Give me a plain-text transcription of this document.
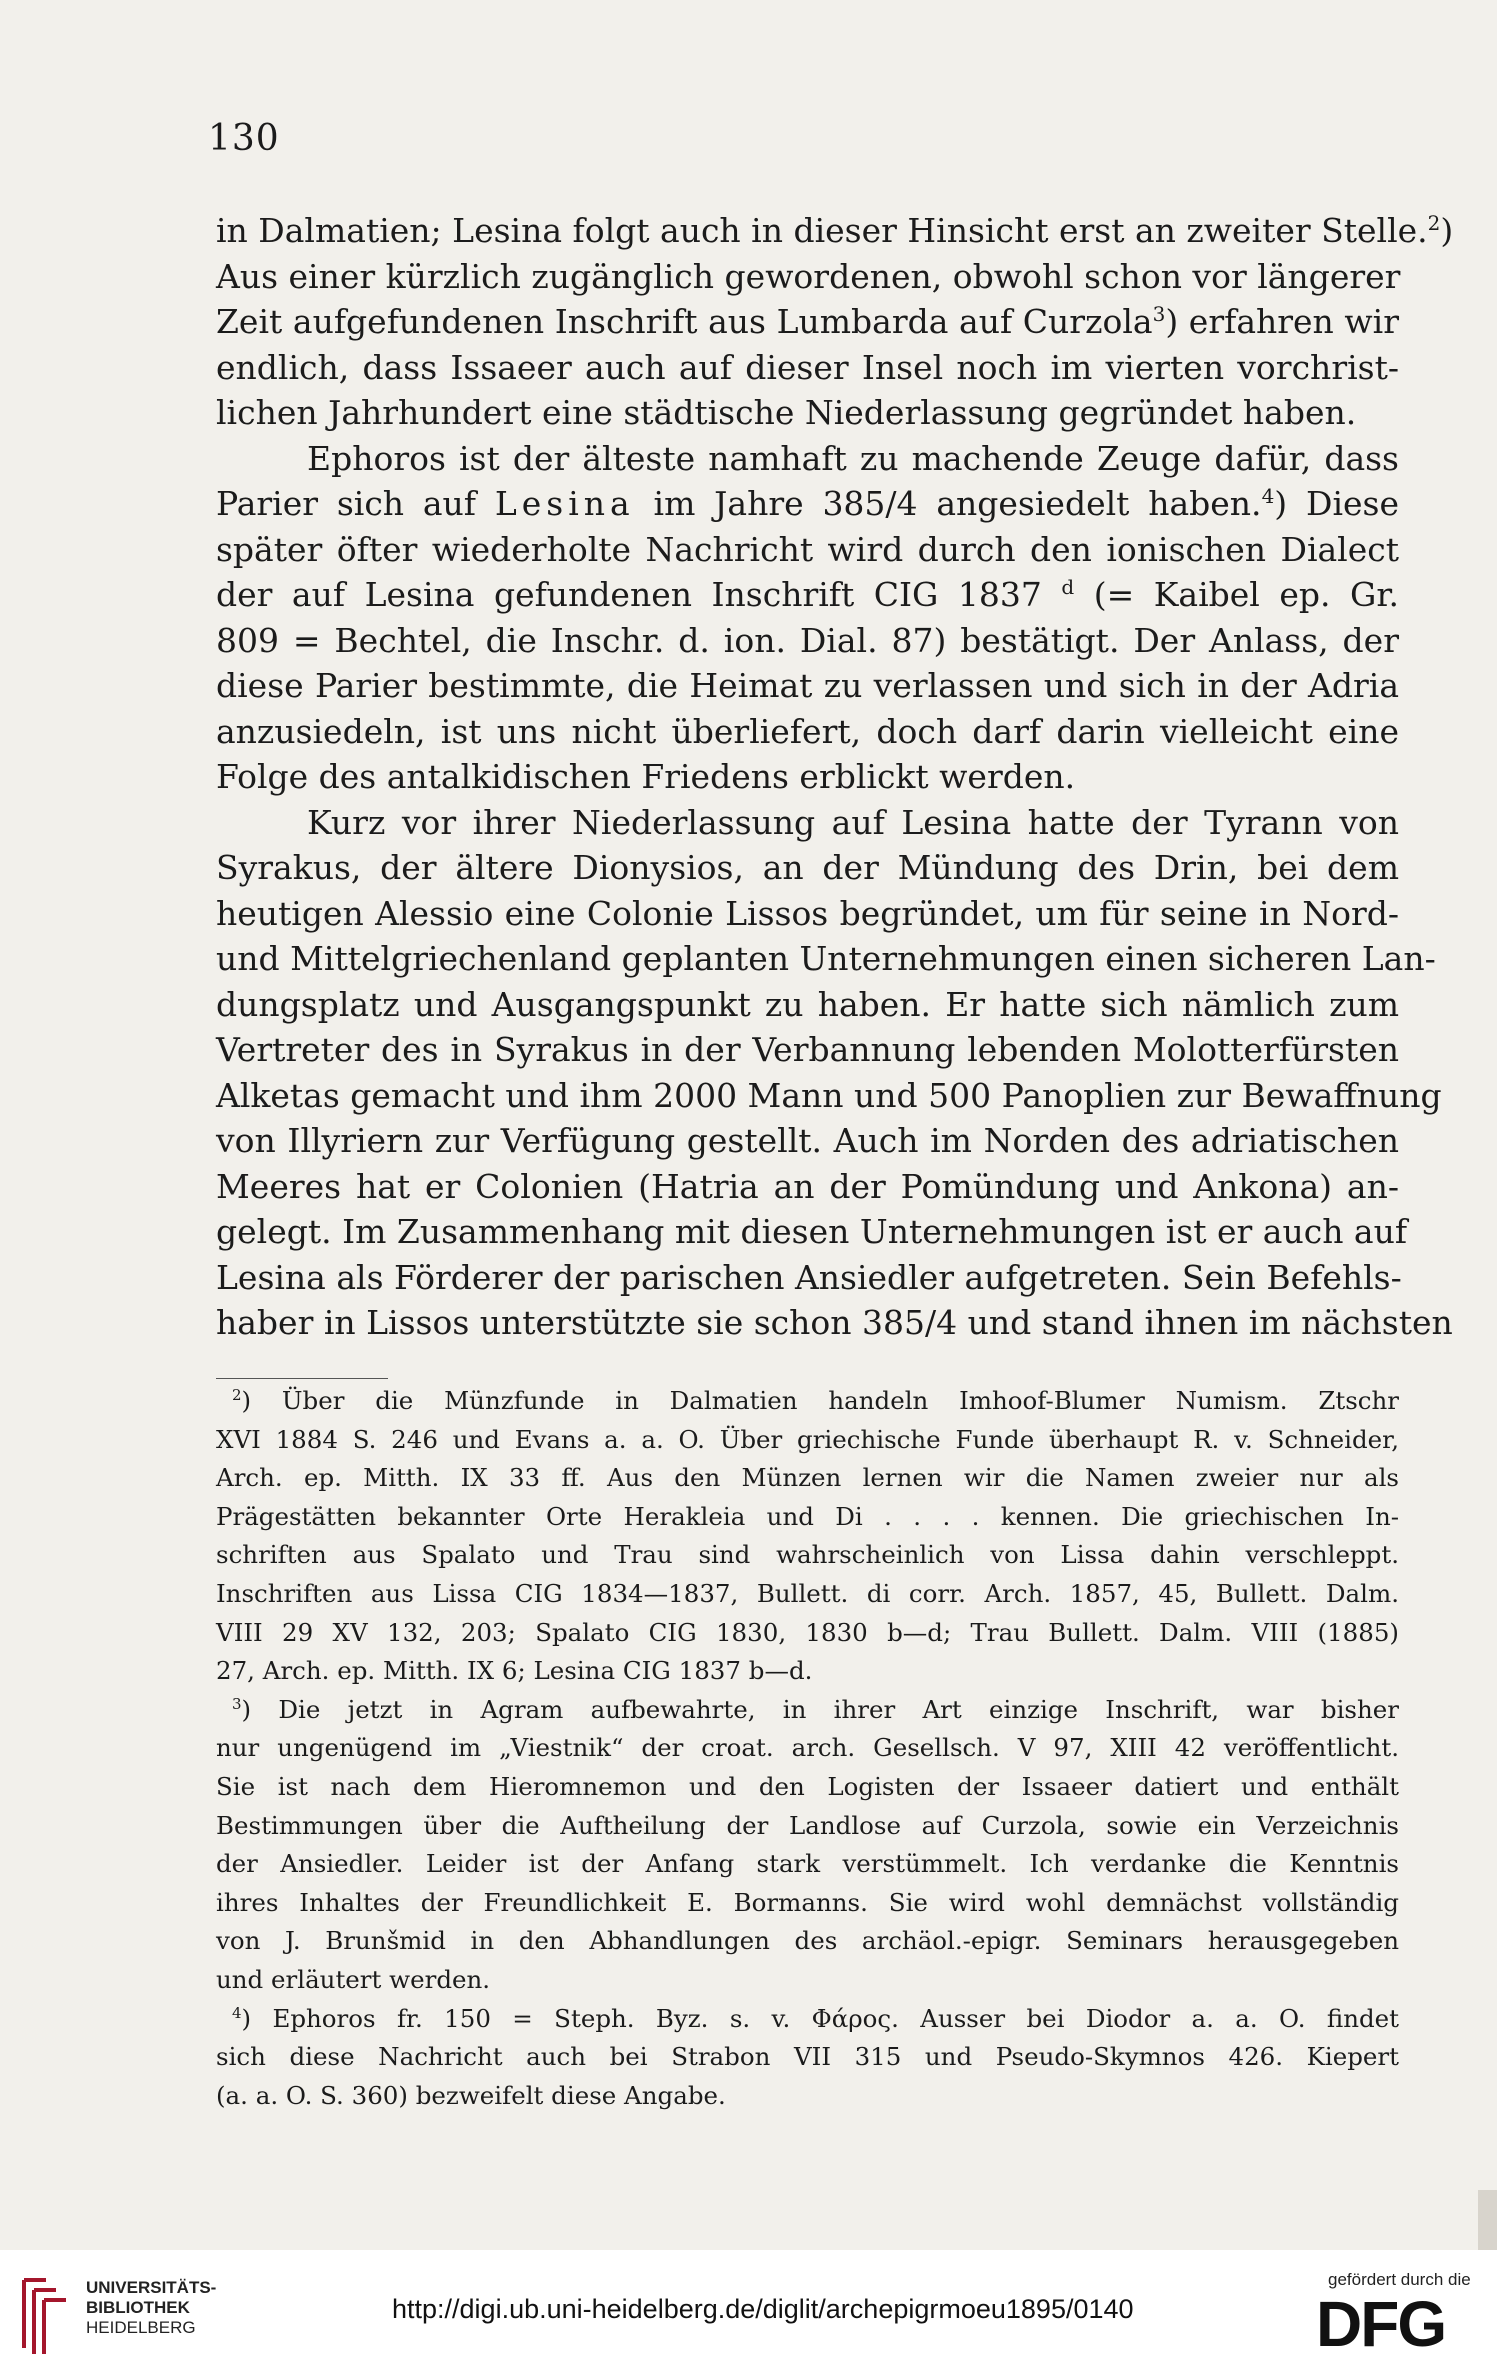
130
in Dalmatien; Lesina folgt auch in dieser Hinsicht erst an zweiter Stelle.$^2$)
Aus einer kürzlich zugänglich gewordenen, obwohl schon vor längerer
Zeit aufgefundenen Inschrift aus Lumbarda auf Curzola$^3$) erfahren wir
endlich, dass Issaeer auch auf dieser Insel noch im vierten vorchrist-
lichen Jahrhundert eine städtische Niederlassung gegründet haben.
Ephoros ist der älteste namhaft zu machende Zeuge dafür, dass
Parier sich auf Lesina im Jahre 385/4 angesiedelt haben.$^4$) Diese
später öfter wiederholte Nachricht wird durch den ionischen Dialect
der auf Lesina gefundenen Inschrift CIG 1837 $^d$ (= Kaibel ep. Gr.
809 = Bechtel, die Inschr. d. ion. Dial. 87) bestätigt. Der Anlass, der
diese Parier bestimmte, die Heimat zu verlassen und sich in der Adria
anzusiedeln, ist uns nicht überliefert, doch darf darin vielleicht eine
Folge des antalkidischen Friedens erblickt werden.
Kurz vor ihrer Niederlassung auf Lesina hatte der Tyrann von
Syrakus, der ältere Dionysios, an der Mündung des Drin, bei dem
heutigen Alessio eine Colonie Lissos begründet, um für seine in Nord-
und Mittelgriechenland geplanten Unternehmungen einen sicheren Lan-
dungsplatz und Ausgangspunkt zu haben. Er hatte sich nämlich zum
Vertreter des in Syrakus in der Verbannung lebenden Molotterfürsten
Alketas gemacht und ihm 2000 Mann und 500 Panoplien zur Bewaffnung
von Illyriern zur Verfügung gestellt. Auch im Norden des adriatischen
Meeres hat er Colonien (Hatria an der Pomündung und Ankona) an-
gelegt. Im Zusammenhang mit diesen Unternehmungen ist er auch auf
Lesina als Förderer der parischen Ansiedler aufgetreten. Sein Befehls-
haber in Lissos unterstützte sie schon 385/4 und stand ihnen im nächsten
$^2$) Über die Münzfunde in Dalmatien handeln Imhoof-Blumer Numism. Ztschr
XVI 1884 S. 246 und Evans a. a. O. Über griechische Funde überhaupt R. v. Schneider,
Arch. ep. Mitth. IX 33 ff. Aus den Münzen lernen wir die Namen zweier nur als
Prägestätten bekannter Orte Herakleia und Di . . . . kennen. Die griechischen In-
schriften aus Spalato und Trau sind wahrscheinlich von Lissa dahin verschleppt.
Inschriften aus Lissa CIG 1834—1837, Bullett. di corr. Arch. 1857, 45, Bullett. Dalm.
VIII 29 XV 132, 203; Spalato CIG 1830, 1830 b—d; Trau Bullett. Dalm. VIII (1885)
27, Arch. ep. Mitth. IX 6; Lesina CIG 1837 b—d.
$^3$) Die jetzt in Agram aufbewahrte, in ihrer Art einzige Inschrift, war bisher
nur ungenügend im „Viestnik“ der croat. arch. Gesellsch. V 97, XIII 42 veröffentlicht.
Sie ist nach dem Hieromnemon und den Logisten der Issaeer datiert und enthält
Bestimmungen über die Auftheilung der Landlose auf Curzola, sowie ein Verzeichnis
der Ansiedler. Leider ist der Anfang stark verstümmelt. Ich verdanke die Kenntnis
ihres Inhaltes der Freundlichkeit E. Bormanns. Sie wird wohl demnächst vollständig
von J. Brunšmid in den Abhandlungen des archäol.-epigr. Seminars herausgegeben
und erläutert werden.
$^4$) Ephoros fr. 150 = Steph. Byz. s. v. Φάρος. Ausser bei Diodor a. a. O. findet
sich diese Nachricht auch bei Strabon VII 315 und Pseudo-Skymnos 426. Kiepert
(a. a. O. S. 360) bezweifelt diese Angabe.
UNIVERSITÄTS-
BIBLIOTHEK
HEIDELBERG
http://digi.ub.uni-heidelberg.de/diglit/archepigrmoeu1895/0140
gefördert durch die
DFG
